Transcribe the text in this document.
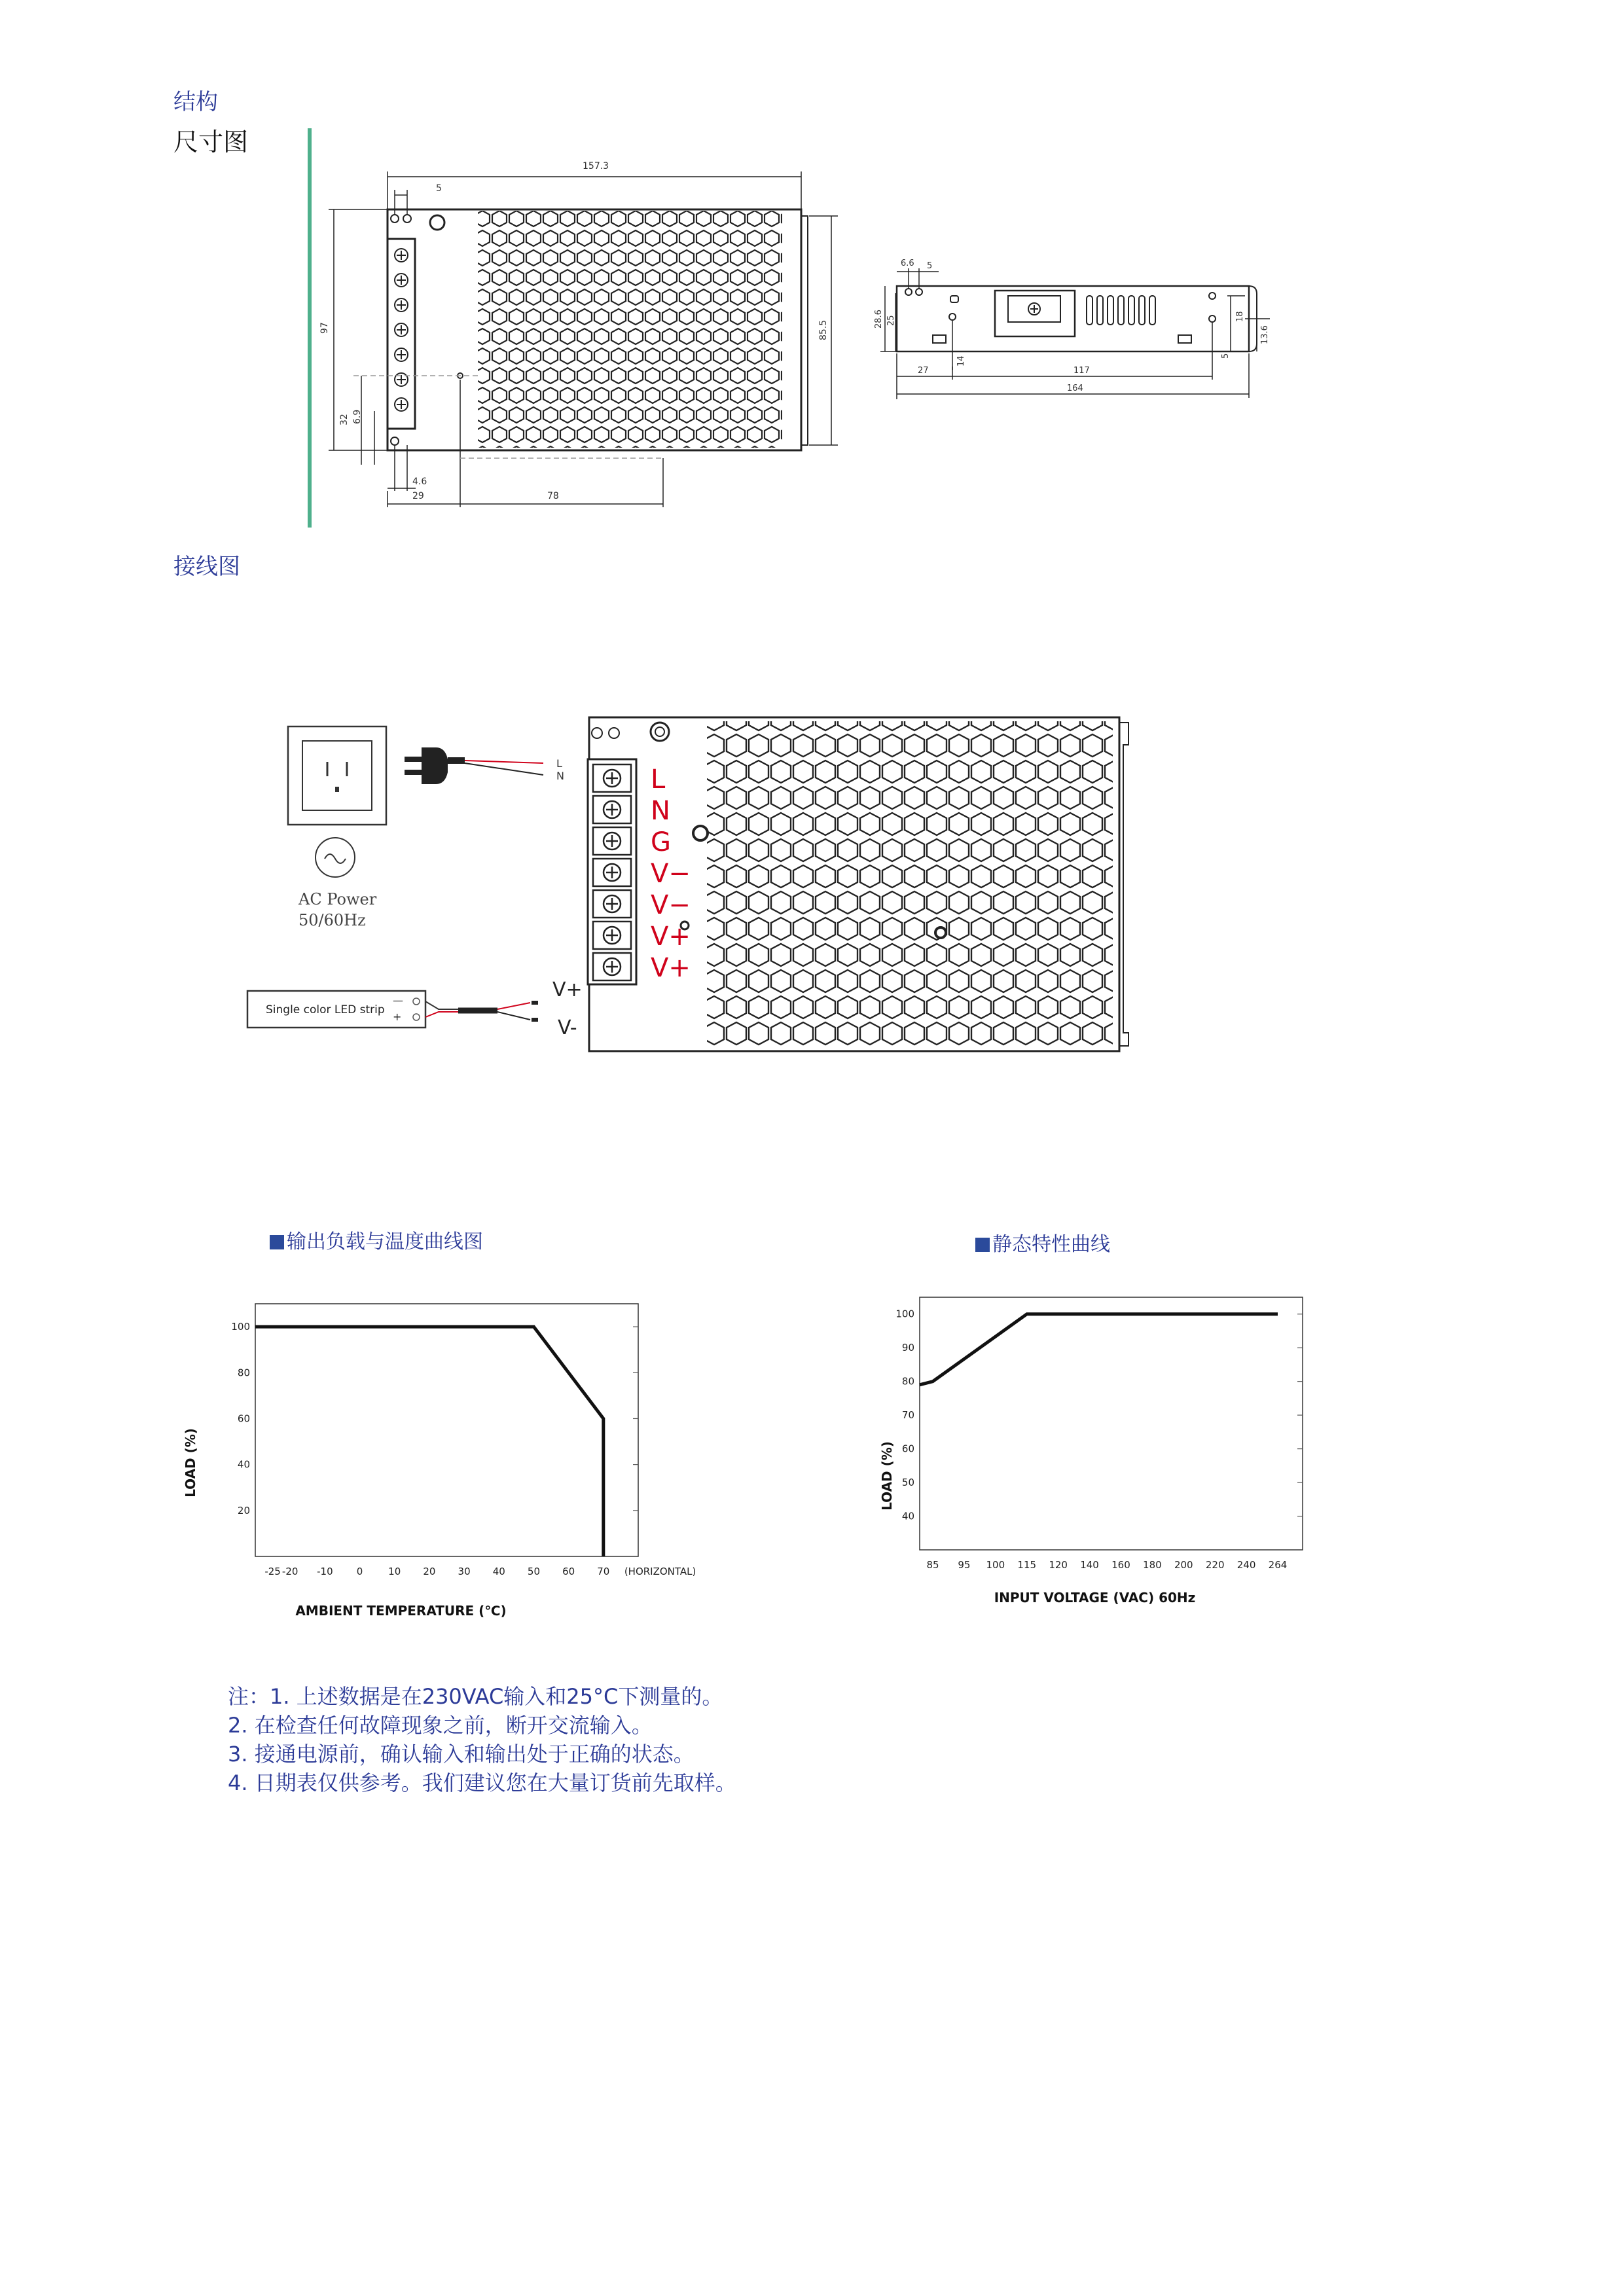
结构
尺寸图
接线图
157.3
5
97	85.5
32 6.9
4.6
29	78
6.6 5
28.6 25	18
13.6
5
14
27	117
164
AC Power
50/60Hz
L
N
Single color LED strip
—
+
V+
V-
L
N
G
V−
V−
V+
V+
输出负载与温度曲线图	静态特性曲线
20
40
60
80
100
-25 -20 -10 0	10 20 30 40 50 60 70 (HORIZONTAL)
AMBIENT TEMPERATURE (℃)
LOAD (%)
40
50
60
70
80
90
100
85 95 100 115 120 140 160 180 200 220 240 264
INPUT VOLTAGE (VAC) 60Hz
LOAD (%)
注：1. 上述数据是在230VAC输入和25°C下测量的。
2. 在检查任何故障现象之前，断开交流输入。
3. 接通电源前，确认输入和输出处于正确的状态。
4. 日期表仅供参考。我们建议您在大量订货前先取样。
